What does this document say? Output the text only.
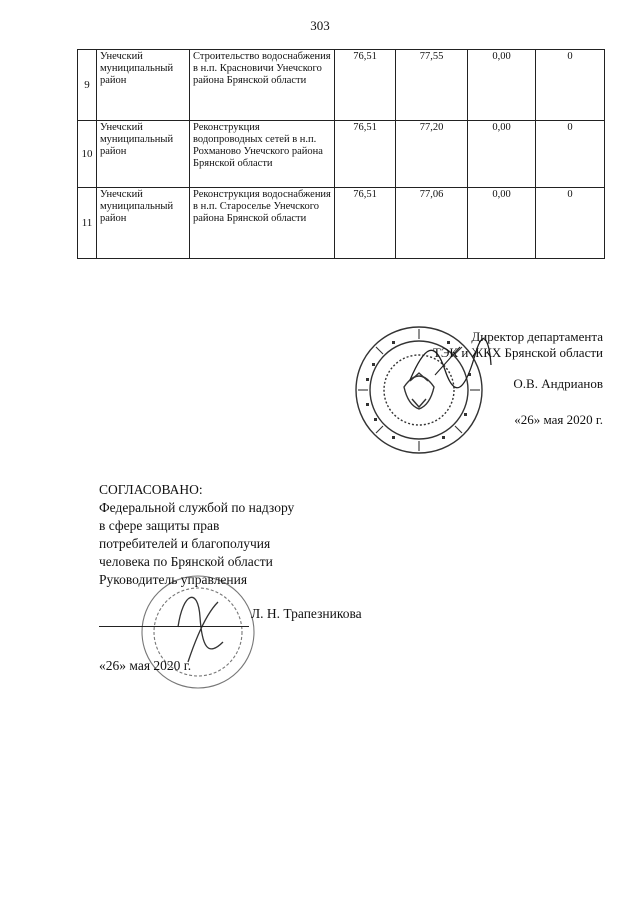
303
9	Унечский муниципальный район	Строительство водоснабжения в н.п. Красновичи Унечского района Брянской области	76,51	77,55	0,00	0
10	Унечский муниципальный район	Реконструкция водопроводных сетей в н.п. Рохманово Унечского района Брянской области	76,51	77,20	0,00	0
11	Унечский муниципальный район	Реконструкция водоснабжения в н.п. Староселье Унечского района Брянской области	76,51	77,06	0,00	0
Директор департамента
ТЭК и ЖКХ Брянской области
О.В. Андрианов
«26» мая 2020 г.
СОГЛАСОВАНО:
Федеральной службой по надзору
в сфере защиты прав
потребителей и благополучия
человека по Брянской области
Руководитель управления
Л. Н. Трапезникова
«26» мая 2020 г.
